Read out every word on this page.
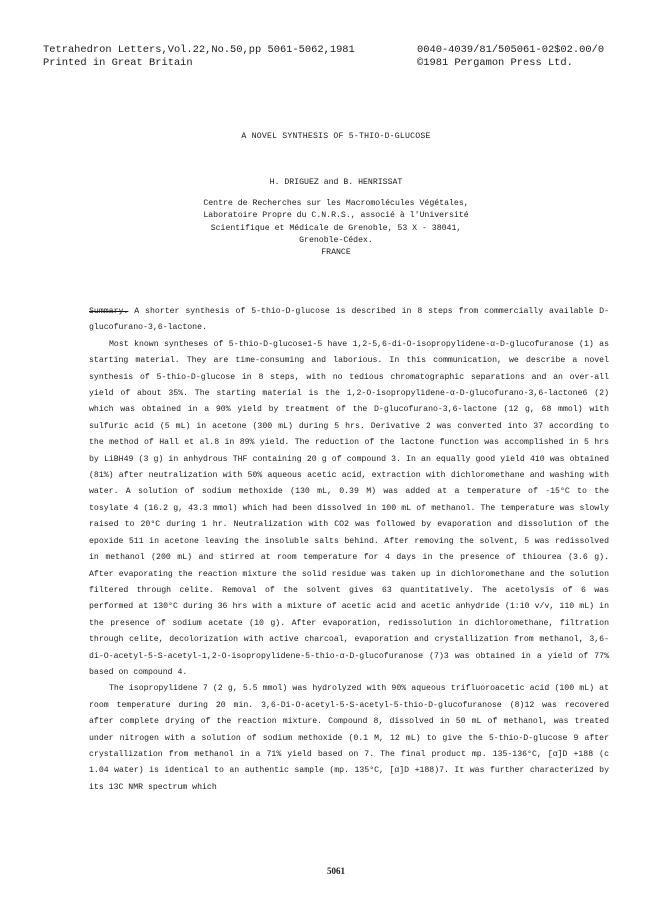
Tetrahedron Letters,Vol.22,No.50,pp 5061-5062,1981
Printed in Great Britain
0040-4039/81/505061-02$02.00/0
©1981 Pergamon Press Ltd.
A NOVEL SYNTHESIS OF 5-THIO-D-GLUCOSE
H. DRIGUEZ and B. HENRISSAT
Centre de Recherches sur les Macromolécules Végétales,
Laboratoire Propre du C.N.R.S., associé à l'Université
Scientifique et Médicale de Grenoble, 53 X - 38041,
Grenoble-Cédex.
FRANCE

Summary. A shorter synthesis of 5-thio-D-glucose is described in 8 steps from commercially available D-glucofurano-3,6-lactone.

Most known syntheses of 5-thio-D-glucose1-5 have 1,2-5,6-di-O-isopropylidene-α-D-glucofuranose (1) as starting material. They are time-consuming and laborious. In this communication, we describe a novel synthesis of 5-thio-D-glucose in 8 steps, with no tedious chromatographic separations and an over-all yield of about 35%. The starting material is the 1,2-O-isopropylidene-α-D-glucofurano-3,6-lactone6 (2) which was obtained in a 90% yield by treatment of the D-glucofurano-3,6-lactone (12 g, 68 mmol) with sulfuric acid (5 mL) in acetone (300 mL) during 5 hrs. Derivative 2 was converted into 37 according to the method of Hall et al.8 in 89% yield. The reduction of the lactone function was accomplished in 5 hrs by LiBH49 (3 g) in anhydrous THF containing 20 g of compound 3. In an equally good yield 410 was obtained (81%) after neutralization with 50% aqueous acetic acid, extraction with dichloromethane and washing with water. A solution of sodium methoxide (130 mL, 0.39 M) was added at a temperature of -15°C to the tosylate 4 (16.2 g, 43.3 mmol) which had been dissolved in 100 mL of methanol. The temperature was slowly raised to 20°C during 1 hr. Neutralization with CO2 was followed by evaporation and dissolution of the epoxide 511 in acetone leaving the insoluble salts behind. After removing the solvent, 5 was redissolved in methanol (200 mL) and stirred at room temperature for 4 days in the presence of thiourea (3.6 g). After evaporating the reaction mixture the solid residue was taken up in dichloromethane and the solution filtered through celite. Removal of the solvent gives 63 quantitatively. The acetolysis of 6 was performed at 130°C during 36 hrs with a mixture of acetic acid and acetic anhydride (1:10 v/v, 110 mL) in the presence of sodium acetate (10 g). After evaporation, redissolution in dichloromethane, filtration through celite, decolorization with active charcoal, evaporation and crystallization from methanol, 3,6-di-O-acetyl-5-S-acetyl-1,2-O-isopropylidene-5-thio-α-D-glucofuranose (7)3 was obtained in a yield of 77% based on compound 4.

The isopropylidene 7 (2 g, 5.5 mmol) was hydrolyzed with 90% aqueous trifluoroacetic acid (100 mL) at room temperature during 20 min. 3,6-Di-O-acetyl-5-S-acetyl-5-thio-D-glucofuranose (8)12 was recovered after complete drying of the reaction mixture. Compound 8, dissolved in 50 mL of methanol, was treated under nitrogen with a solution of sodium methoxide (0.1 M, 12 mL) to give the 5-thio-D-glucose 9 after crystallization from methanol in a 71% yield based on 7. The final product mp. 135-136°C, [α]D +188 (c 1.04 water) is identical to an authentic sample (mp. 135°C, [α]D +188)7. It was further characterized by its 13C NMR spectrum which

5061
